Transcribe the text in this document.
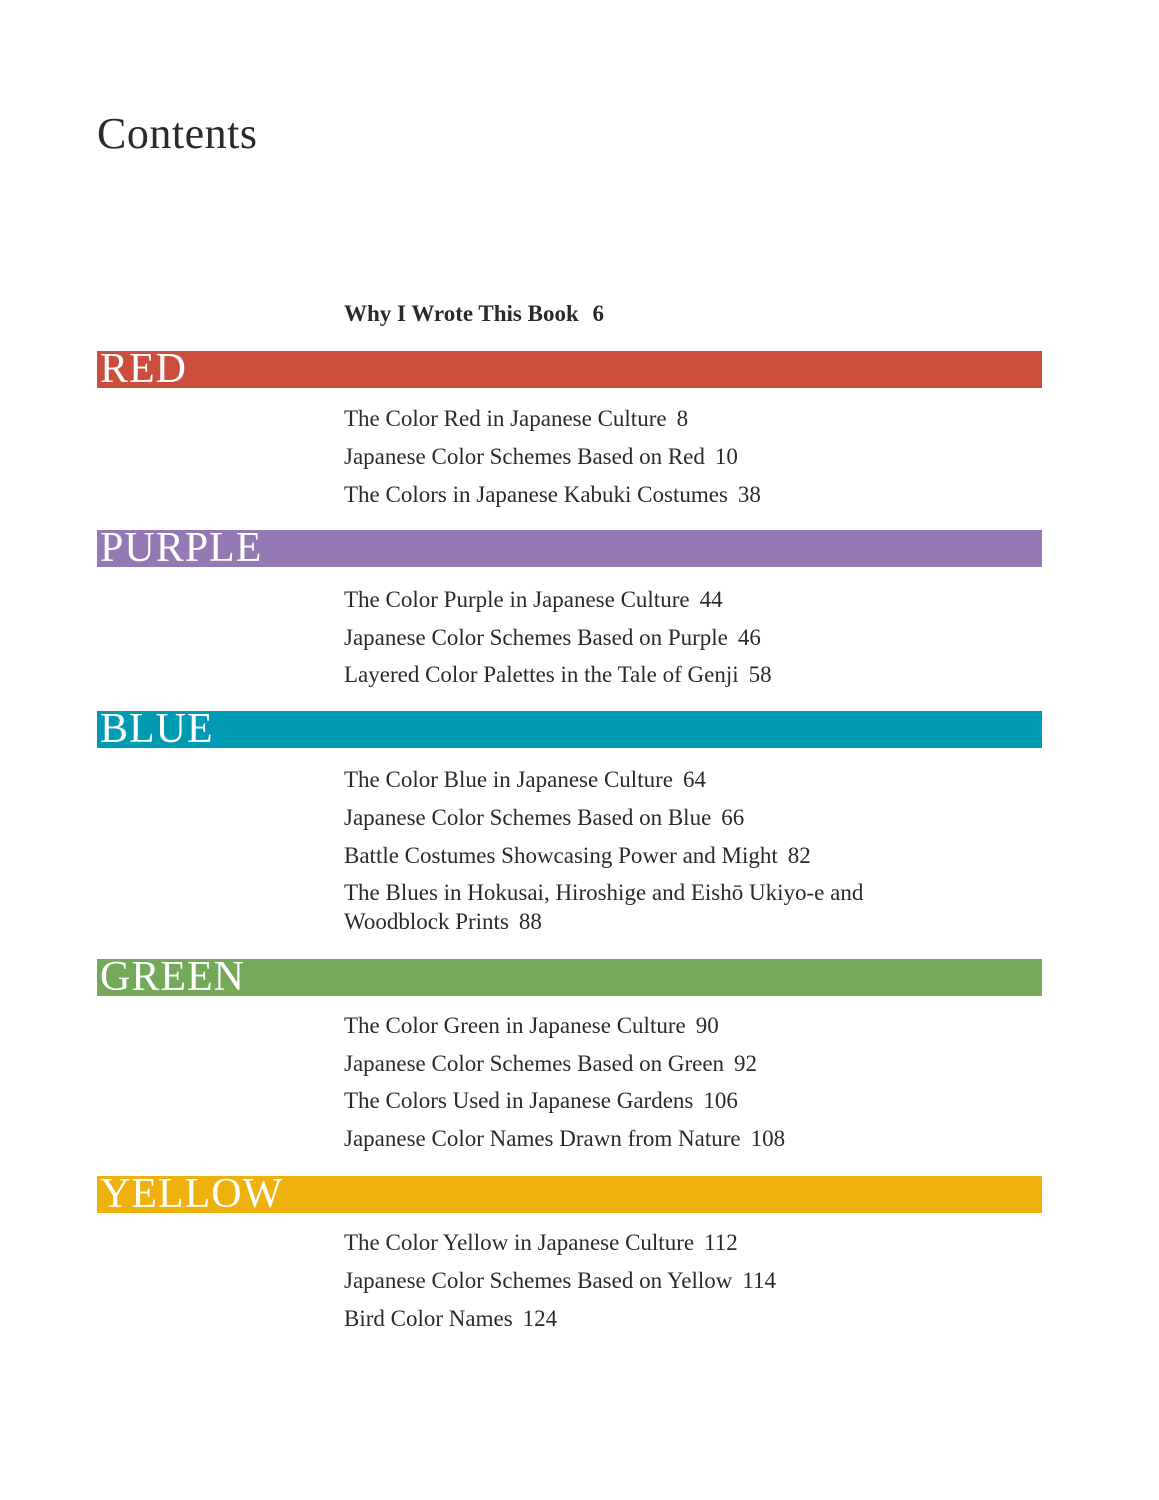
Contents
Why I Wrote This Book 6
RED
The Color Red in Japanese Culture 8
Japanese Color Schemes Based on Red 10
The Colors in Japanese Kabuki Costumes 38
PURPLE
The Color Purple in Japanese Culture 44
Japanese Color Schemes Based on Purple 46
Layered Color Palettes in the Tale of Genji 58
BLUE
The Color Blue in Japanese Culture 64
Japanese Color Schemes Based on Blue 66
Battle Costumes Showcasing Power and Might 82
The Blues in Hokusai, Hiroshige and Eishō Ukiyo-e and
Woodblock Prints 88
GREEN
The Color Green in Japanese Culture 90
Japanese Color Schemes Based on Green 92
The Colors Used in Japanese Gardens 106
Japanese Color Names Drawn from Nature 108
YELLOW
The Color Yellow in Japanese Culture 112
Japanese Color Schemes Based on Yellow 114
Bird Color Names 124
